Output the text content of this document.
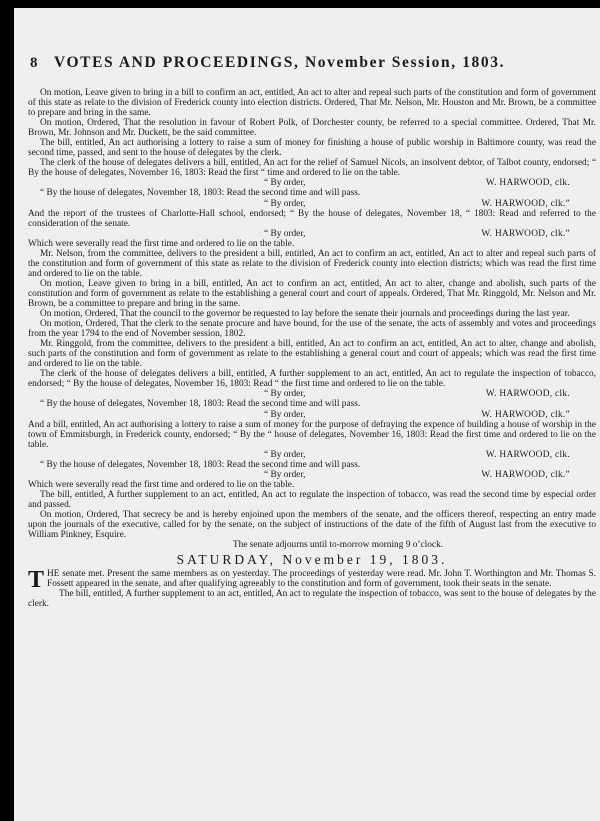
8	VOTES AND PROCEEDINGS, November Session, 1803.

On motion, Leave given to bring in a bill to confirm an act, entitled, An act to alter and repeal such parts of the constitution and form of government of this state as relate to the division of Frederick county into election districts. Ordered, That Mr. Nelson, Mr. Houston and Mr. Brown, be a committee to prepare and bring in the same.

On motion, Ordered, That the resolution in favour of Robert Polk, of Dorchester county, be referred to a special committee. Ordered, That Mr. Brown, Mr. Johnson and Mr. Duckett, be the said committee.

The bill, entitled, An act authorising a lottery to raise a sum of money for finishing a house of public worship in Baltimore county, was read the second time, passed, and sent to the house of delegates by the clerk.

The clerk of the house of delegates delivers a bill, entitled, An act for the relief of Samuel Nicols, an insolvent debtor, of Talbot county, endorsed; “ By the house of delegates, November 16, 1803: Read the first “ time and ordered to lie on the table.

“ By order,	W. HARWOOD, clk.

“ By the house of delegates, November 18, 1803: Read the second time and will pass.

“ By order,	W. HARWOOD, clk.”

And the report of the trustees of Charlotte-Hall school, endorsed; “ By the house of delegates, November 18, “ 1803: Read and referred to the consideration of the senate.

“ By order,	W. HARWOOD, clk.”

Which were severally read the first time and ordered to lie on the table.

Mr. Nelson, from the committee, delivers to the president a bill, entitled, An act to confirm an act, entitled, An act to alter and repeal such parts of the constitution and form of government of this state as relate to the division of Frederick county into election districts; which was read the first time and ordered to lie on the table.

On motion, Leave given to bring in a bill, entitled, An act to confirm an act, entitled, An act to alter, change and abolish, such parts of the constitution and form of government as relate to the establishing a general court and court of appeals. Ordered, That Mr. Ringgold, Mr. Nelson and Mr. Brown, be a committee to prepare and bring in the same.

On motion, Ordered, That the council to the governor be requested to lay before the senate their journals and proceedings during the last year.

On motion, Ordered, That the clerk to the senate procure and have bound, for the use of the senate, the acts of assembly and votes and proceedings from the year 1794 to the end of November session, 1802.

Mr. Ringgold, from the committee, delivers to the president a bill, entitled, An act to confirm an act, entitled, An act to alter, change and abolish, such parts of the constitution and form of government as relate to the establishing a general court and court of appeals; which was read the first time and ordered to lie on the table.

The clerk of the house of delegates delivers a bill, entitled, A further supplement to an act, entitled, An act to regulate the inspection of tobacco, endorsed; “ By the house of delegates, November 16, 1803: Read “ the first time and ordered to lie on the table.

“ By order,	W. HARWOOD, clk.

“ By the house of delegates, November 18, 1803: Read the second time and will pass.

“ By order,	W. HARWOOD, clk.”

And a bill, entitled, An act authorising a lottery to raise a sum of money for the purpose of defraying the expence of building a house of worship in the town of Emmitsburgh, in Frederick county, endorsed; “ By the “ house of delegates, November 16, 1803: Read the first time and ordered to lie on the table.

“ By order,	W. HARWOOD, clk.

“ By the house of delegates, November 18, 1803: Read the second time and will pass.

“ By order,	W. HARWOOD, clk.”

Which were severally read the first time and ordered to lie on the table.

The bill, entitled, A further supplement to an act, entitled, An act to regulate the inspection of tobacco, was read the second time by especial order and passed.

On motion, Ordered, That secrecy be and is hereby enjoined upon the members of the senate, and the officers thereof, respecting an entry made upon the journals of the executive, called for by the senate, on the subject of instructions of the date of the fifth of August last from the executive to William Pinkney, Esquire.

The senate adjourns until to-morrow morning 9 o’clock.

SATURDAY, November 19, 1803.

THE senate met. Present the same members as on yesterday. The proceedings of yesterday were read. Mr. John T. Worthington and Mr. Thomas S. Fossett appeared in the senate, and after qualifying agreeably to the constitution and form of government, took their seats in the senate.

The bill, entitled, A further supplement to an act, entitled, An act to regulate the inspection of tobacco, was sent to the house of delegates by the clerk.
